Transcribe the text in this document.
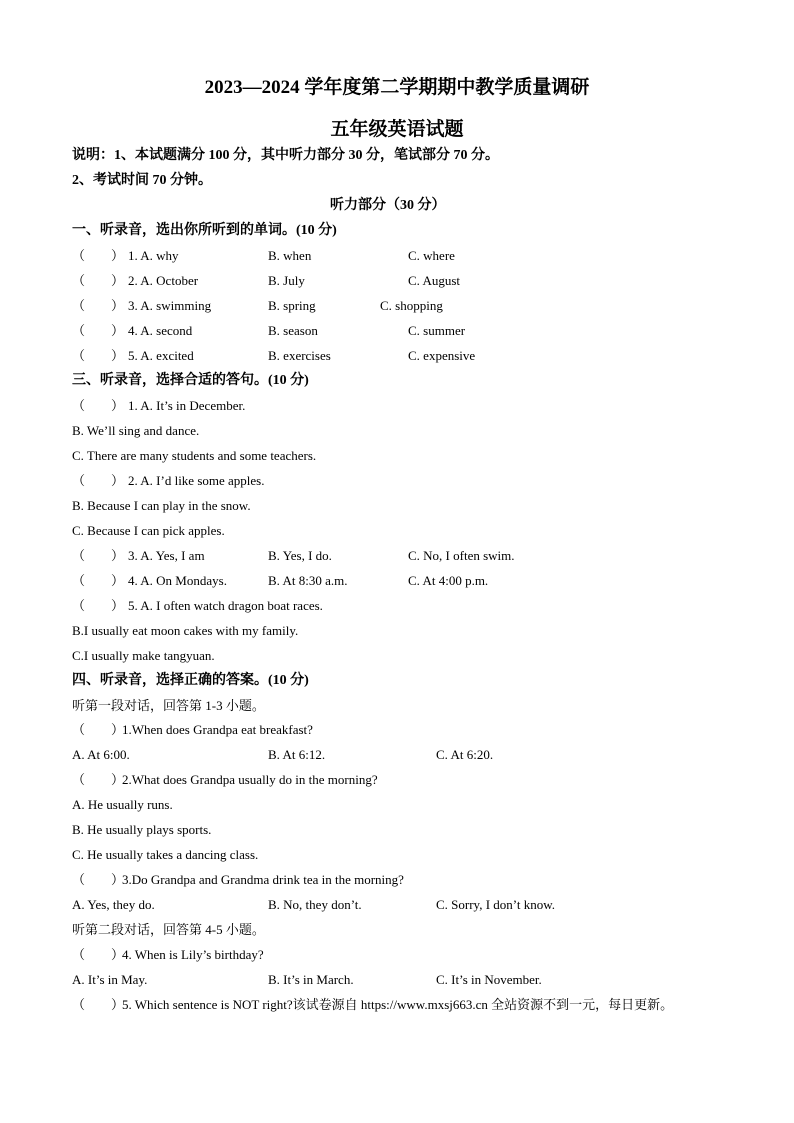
2023—2024 学年度第二学期期中教学质量调研
五年级英语试题
说明：1、本试题满分 100 分，其中听力部分 30 分，笔试部分 70 分。
2、考试时间 70 分钟。
听力部分（30 分）
一、听录音，选出你所听到的单词。(10 分)
（　　） 1. A. why	B. when	C. where
（　　） 2. A. October	B. July	C. August
（　　） 3. A. swimming	B. spring	C. shopping
（　　） 4. A. second	B. season	C. summer
（　　） 5. A. excited	B. exercises	C. expensive
三、听录音，选择合适的答句。(10 分)
（　　） 1. A. It’s in December.
B. We’ll sing and dance.
C. There are many students and some teachers.
（　　） 2. A. I’d like some apples.
B. Because I can play in the snow.
C. Because I can pick apples.
（　　） 3. A. Yes, I am	B. Yes, I do.	C. No, I often swim.
（　　） 4. A. On Mondays.	B. At 8:30 a.m.	C. At 4:00 p.m.
（　　） 5. A. I often watch dragon boat races.
B.I usually eat moon cakes with my family.
C.I usually make tangyuan.
四、听录音，选择正确的答案。(10 分)
听第一段对话，回答第 1-3 小题。
（　　）
1.When does Grandpa eat breakfast?
A. At 6:00.	B. At 6:12.	C. At 6:20.
（　　）
2.What does Grandpa usually do in the morning?
A. He usually runs.
B. He usually plays sports.
C. He usually takes a dancing class.
（　　）
3.Do Grandpa and Grandma drink tea in the morning?
A. Yes, they do.	B. No, they don’t.	C. Sorry, I don’t know.
听第二段对话，回答第 4-5 小题。
（　　）
4. When is Lily’s birthday?
A. It’s in May.	B. It’s in March.	C. It’s in November.
（　　）
5. Which sentence is NOT right?该试卷源自 https://www.mxsj663.cn 全站资源不到一元，每日更新。
